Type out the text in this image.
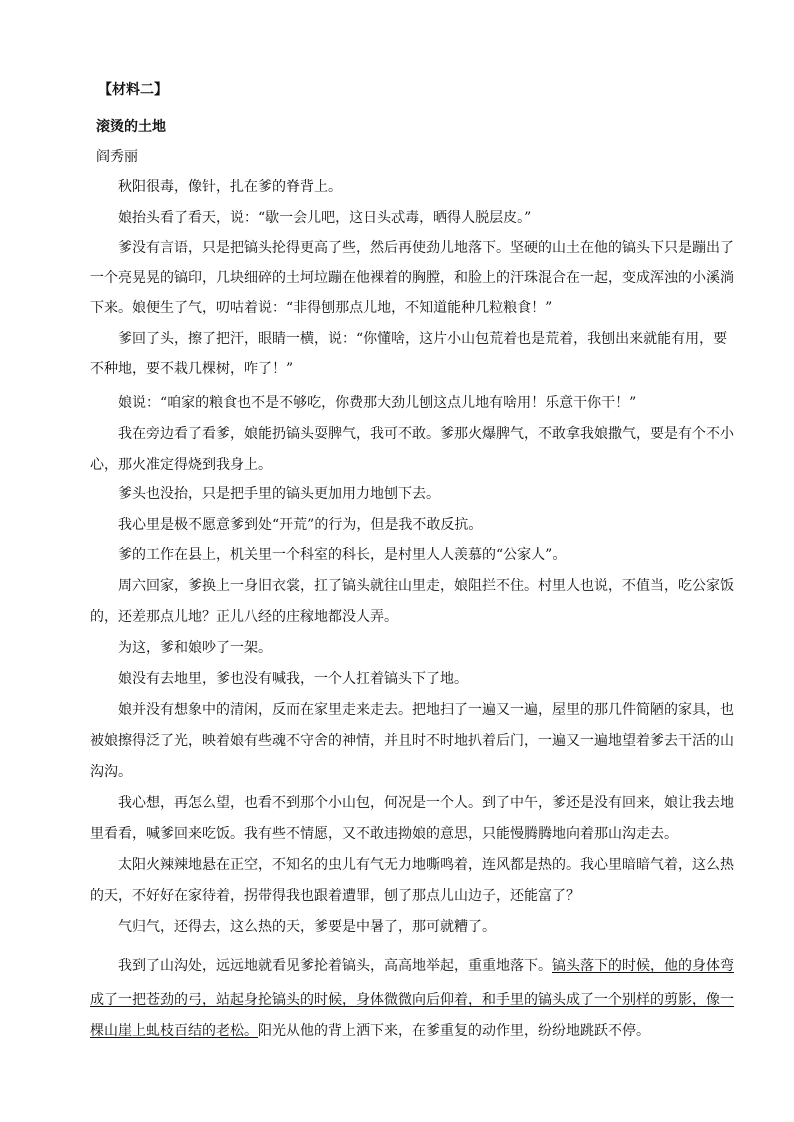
【材料二】

滚烫的土地

阎秀丽

秋阳很毒，像针，扎在爹的脊背上。

娘抬头看了看天，说：“歇一会儿吧，这日头忒毒，晒得人脱层皮。”

爹没有言语，只是把镐头抡得更高了些，然后再使劲儿地落下。坚硬的山土在他的镐头下只是蹦出了

一个亮晃晃的镐印，几块细碎的土坷垃蹦在他裸着的胸膛，和脸上的汗珠混合在一起，变成浑浊的小溪淌

下来。娘便生了气，叨咕着说：“非得刨那点儿地，不知道能种几粒粮食！”

爹回了头，擦了把汗，眼睛一横，说：“你懂啥，这片小山包荒着也是荒着，我刨出来就能有用，要

不种地，要不栽几棵树，咋了！”

娘说：“咱家的粮食也不是不够吃，你费那大劲儿刨这点儿地有啥用！乐意干你干！”

我在旁边看了看爹，娘能扔镐头耍脾气，我可不敢。爹那火爆脾气，不敢拿我娘撒气，要是有个不小

心，那火准定得烧到我身上。

爹头也没抬，只是把手里的镐头更加用力地刨下去。

我心里是极不愿意爹到处“开荒”的行为，但是我不敢反抗。

爹的工作在县上，机关里一个科室的科长，是村里人人羡慕的“公家人”。

周六回家，爹换上一身旧衣裳，扛了镐头就往山里走，娘阻拦不住。村里人也说，不值当，吃公家饭

的，还差那点儿地？正儿八经的庄稼地都没人弄。

为这，爹和娘吵了一架。

娘没有去地里，爹也没有喊我，一个人扛着镐头下了地。

娘并没有想象中的清闲，反而在家里走来走去。把地扫了一遍又一遍，屋里的那几件简陋的家具，也

被娘擦得泛了光，映着娘有些魂不守舍的神情，并且时不时地扒着后门，一遍又一遍地望着爹去干活的山

沟沟。

我心想，再怎么望，也看不到那个小山包，何况是一个人。到了中午，爹还是没有回来，娘让我去地

里看看，喊爹回来吃饭。我有些不情愿，又不敢违拗娘的意思，只能慢腾腾地向着那山沟走去。

太阳火辣辣地悬在正空，不知名的虫儿有气无力地嘶鸣着，连风都是热的。我心里暗暗气着，这么热

的天，不好好在家待着，拐带得我也跟着遭罪，刨了那点儿山边子，还能富了？

气归气，还得去，这么热的天，爹要是中暑了，那可就糟了。

我到了山沟处，远远地就看见爹抡着镐头，高高地举起，重重地落下。镐头落下的时候，他的身体弯

成了一把苍劲的弓，站起身抡镐头的时候，身体微微向后仰着，和手里的镐头成了一个别样的剪影，像一

棵山崖上虬枝百结的老松。阳光从他的背上洒下来，在爹重复的动作里，纷纷地跳跃不停。
